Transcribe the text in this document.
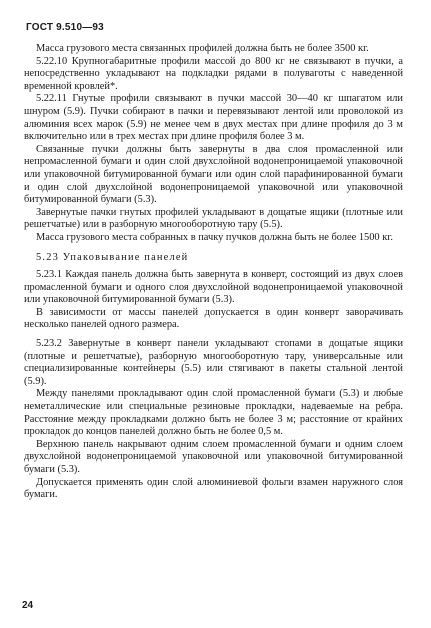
ГОСТ 9.510—93

Масса грузового места связанных профилей должна быть не более 3500 кг.

5.22.10 Крупногабаритные профили массой до 800 кг не связывают в пучки, а непосредственно укладывают на подкладки рядами в полуваготы с наведенной временной кровлей*.

5.22.11 Гнутые профили связывают в пучки массой 30—40 кг шпагатом или шнуром (5.9). Пучки собирают в пачки и перевязывают лентой или проволокой из алюминия всех марок (5.9) не менее чем в двух местах при длине профиля до 3 м включительно или в трех местах при длине профиля более 3 м.

Связанные пучки должны быть завернуты в два слоя промасленной или непромасленной бумаги и один слой двухслойной водонепроницаемой упаковочной или упаковочной битумированной бумаги или один слой парафинированной бумаги и один слой двухслойной водонепроницаемой упаковочной или упаковочной битумированной бумаги (5.3).

Завернутые пачки гнутых профилей укладывают в дощатые ящики (плотные или решетчатые) или в разборную многооборотную тару (5.5).

Масса грузового места собранных в пачку пучков должна быть не более 1500 кг.

5.23 Упаковывание панелей

5.23.1 Каждая панель должна быть завернута в конверт, состоящий из двух слоев промасленной бумаги и одного слоя двухслойной водонепроницаемой упаковочной или упаковочной битумированной бумаги (5.3).

В зависимости от массы панелей допускается в один конверт заворачивать несколько панелей одного размера.

5.23.2 Завернутые в конверт панели укладывают стопами в дощатые ящики (плотные и решетчатые), разборную многооборотную тару, универсальные или специализированные контейнеры (5.5) или стягивают в пакеты стальной лентой (5.9).

Между панелями прокладывают один слой промасленной бумаги (5.3) и любые неметаллические или специальные резиновые прокладки, надеваемые на ребра. Расстояние между прокладками должно быть не более 3 м; расстояние от крайних прокладок до концов панелей должно быть не более 0,5 м.

Верхнюю панель накрывают одним слоем промасленной бумаги и одним слоем двухслойной водонепроницаемой упаковочной или упаковочной битумированной бумаги (5.3).

Допускается применять один слой алюминиевой фольги взамен наружного слоя бумаги.

24
